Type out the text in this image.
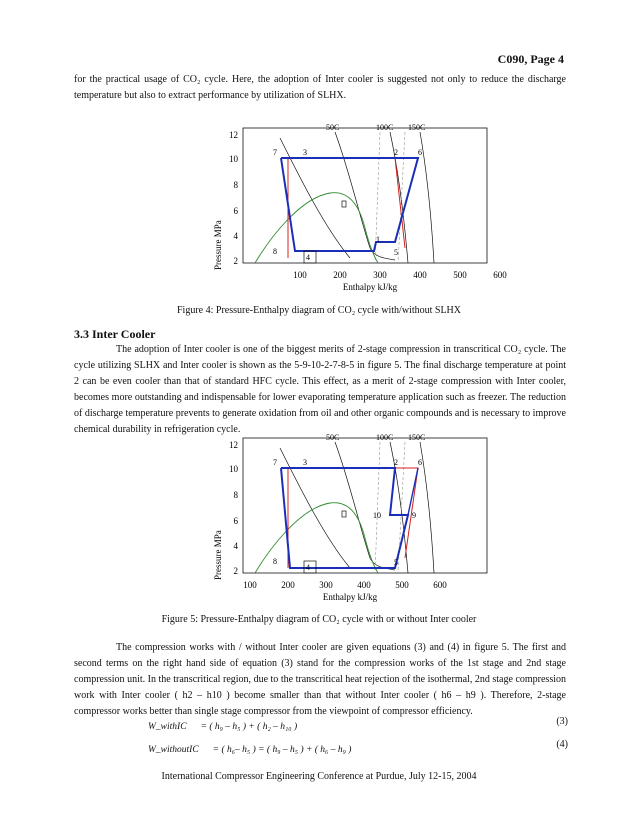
C090, Page 4

for the practical usage of CO₂ cycle. Here, the adoption of Inter cooler is suggested not only to reduce the discharge temperature but also to extract performance by utilization of SLHX.

Pressure MPa
12
10
8
6
4
2
100	200	300	400	500	600
Enthalpy kJ/kg
50C	100C 150C
7	3	2	6
8
4
1
5
Figure 4: Pressure-Enthalpy diagram of CO₂ cycle with/without SLHX
3.3 Inter Cooler

The adoption of Inter cooler is one of the biggest merits of 2-stage compression in transcritical CO₂ cycle. The cycle utilizing SLHX and Inter cooler is shown as the 5-9-10-2-7-8-5 in figure 5. The final discharge temperature at point 2 can be even cooler than that of standard HFC cycle. This effect, as a merit of 2-stage compression with Inter cooler, becomes more outstanding and indispensable for lower evaporating temperature application such as freezer. The reduction of discharge temperature prevents to generate oxidation from oil and other organic compounds and is necessary to improve chemical durability in refrigeration cycle.

Pressure MPa
12
10
8
6
4
2
100	200	300	400	500	600
Enthalpy kJ/kg
50C	100C 150C
7	3	2	6
10	9
8
4
5
Figure 5: Pressure-Enthalpy diagram of CO₂ cycle with or without Inter cooler

The compression works with / without Inter cooler are given equations (3) and (4) in figure 5. The first and second terms on the right hand side of equation (3) stand for the compression works of the 1st stage and 2nd stage compression unit. In the transcritical region, due to the transcritical heat rejection of the isothermal, 2nd stage compression work with Inter cooler ( h2 – h10 ) become smaller than that without Inter cooler ( h6 – h9 ). Therefore, 2-stage compressor works better than single stage compressor from the viewpoint of compressor efficiency.

W_withIC = ( h₉ – h₅ ) + ( h₂ – h₁₀ )	(3)
W_withoutIC = ( h₆– h₅ ) = ( h₉ – h₅ ) + ( h₆ – h₉ )	(4)
International Compressor Engineering Conference at Purdue, July 12-15, 2004
